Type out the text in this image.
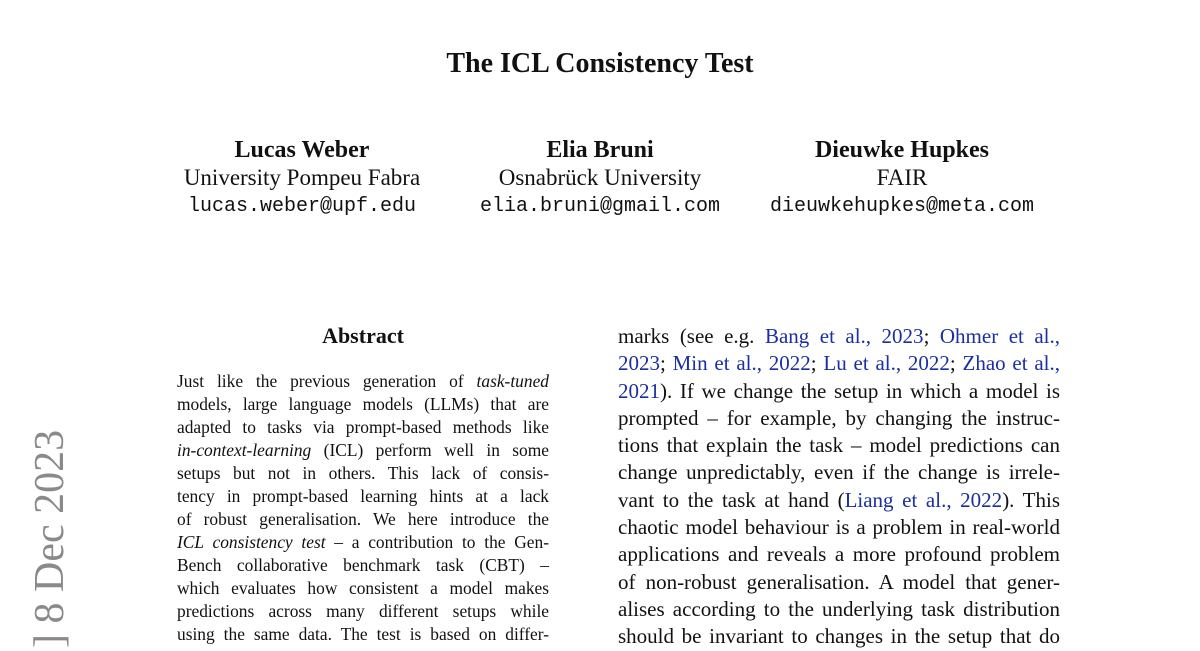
The ICL Consistency Test
Lucas Weber
University Pompeu Fabra
lucas.weber@upf.edu
Elia Bruni
Osnabrück University
elia.bruni@gmail.com
Dieuwke Hupkes
FAIR
dieuwkehupkes@meta.com
] 8 Dec 2023
Abstract
Just like the previous generation of task-tuned
models, large language models (LLMs) that are
adapted to tasks via prompt-based methods like
in-context-learning (ICL) perform well in some
setups but not in others. This lack of consis-
tency in prompt-based learning hints at a lack
of robust generalisation. We here introduce the
ICL consistency test – a contribution to the Gen-
Bench collaborative benchmark task (CBT) –
which evaluates how consistent a model makes
predictions across many different setups while
using the same data. The test is based on differ-
marks (see e.g. Bang et al., 2023; Ohmer et al.,
2023; Min et al., 2022; Lu et al., 2022; Zhao et al.,
2021). If we change the setup in which a model is
prompted – for example, by changing the instruc-
tions that explain the task – model predictions can
change unpredictably, even if the change is irrele-
vant to the task at hand (Liang et al., 2022). This
chaotic model behaviour is a problem in real-world
applications and reveals a more profound problem
of non-robust generalisation. A model that gener-
alises according to the underlying task distribution
should be invariant to changes in the setup that do
